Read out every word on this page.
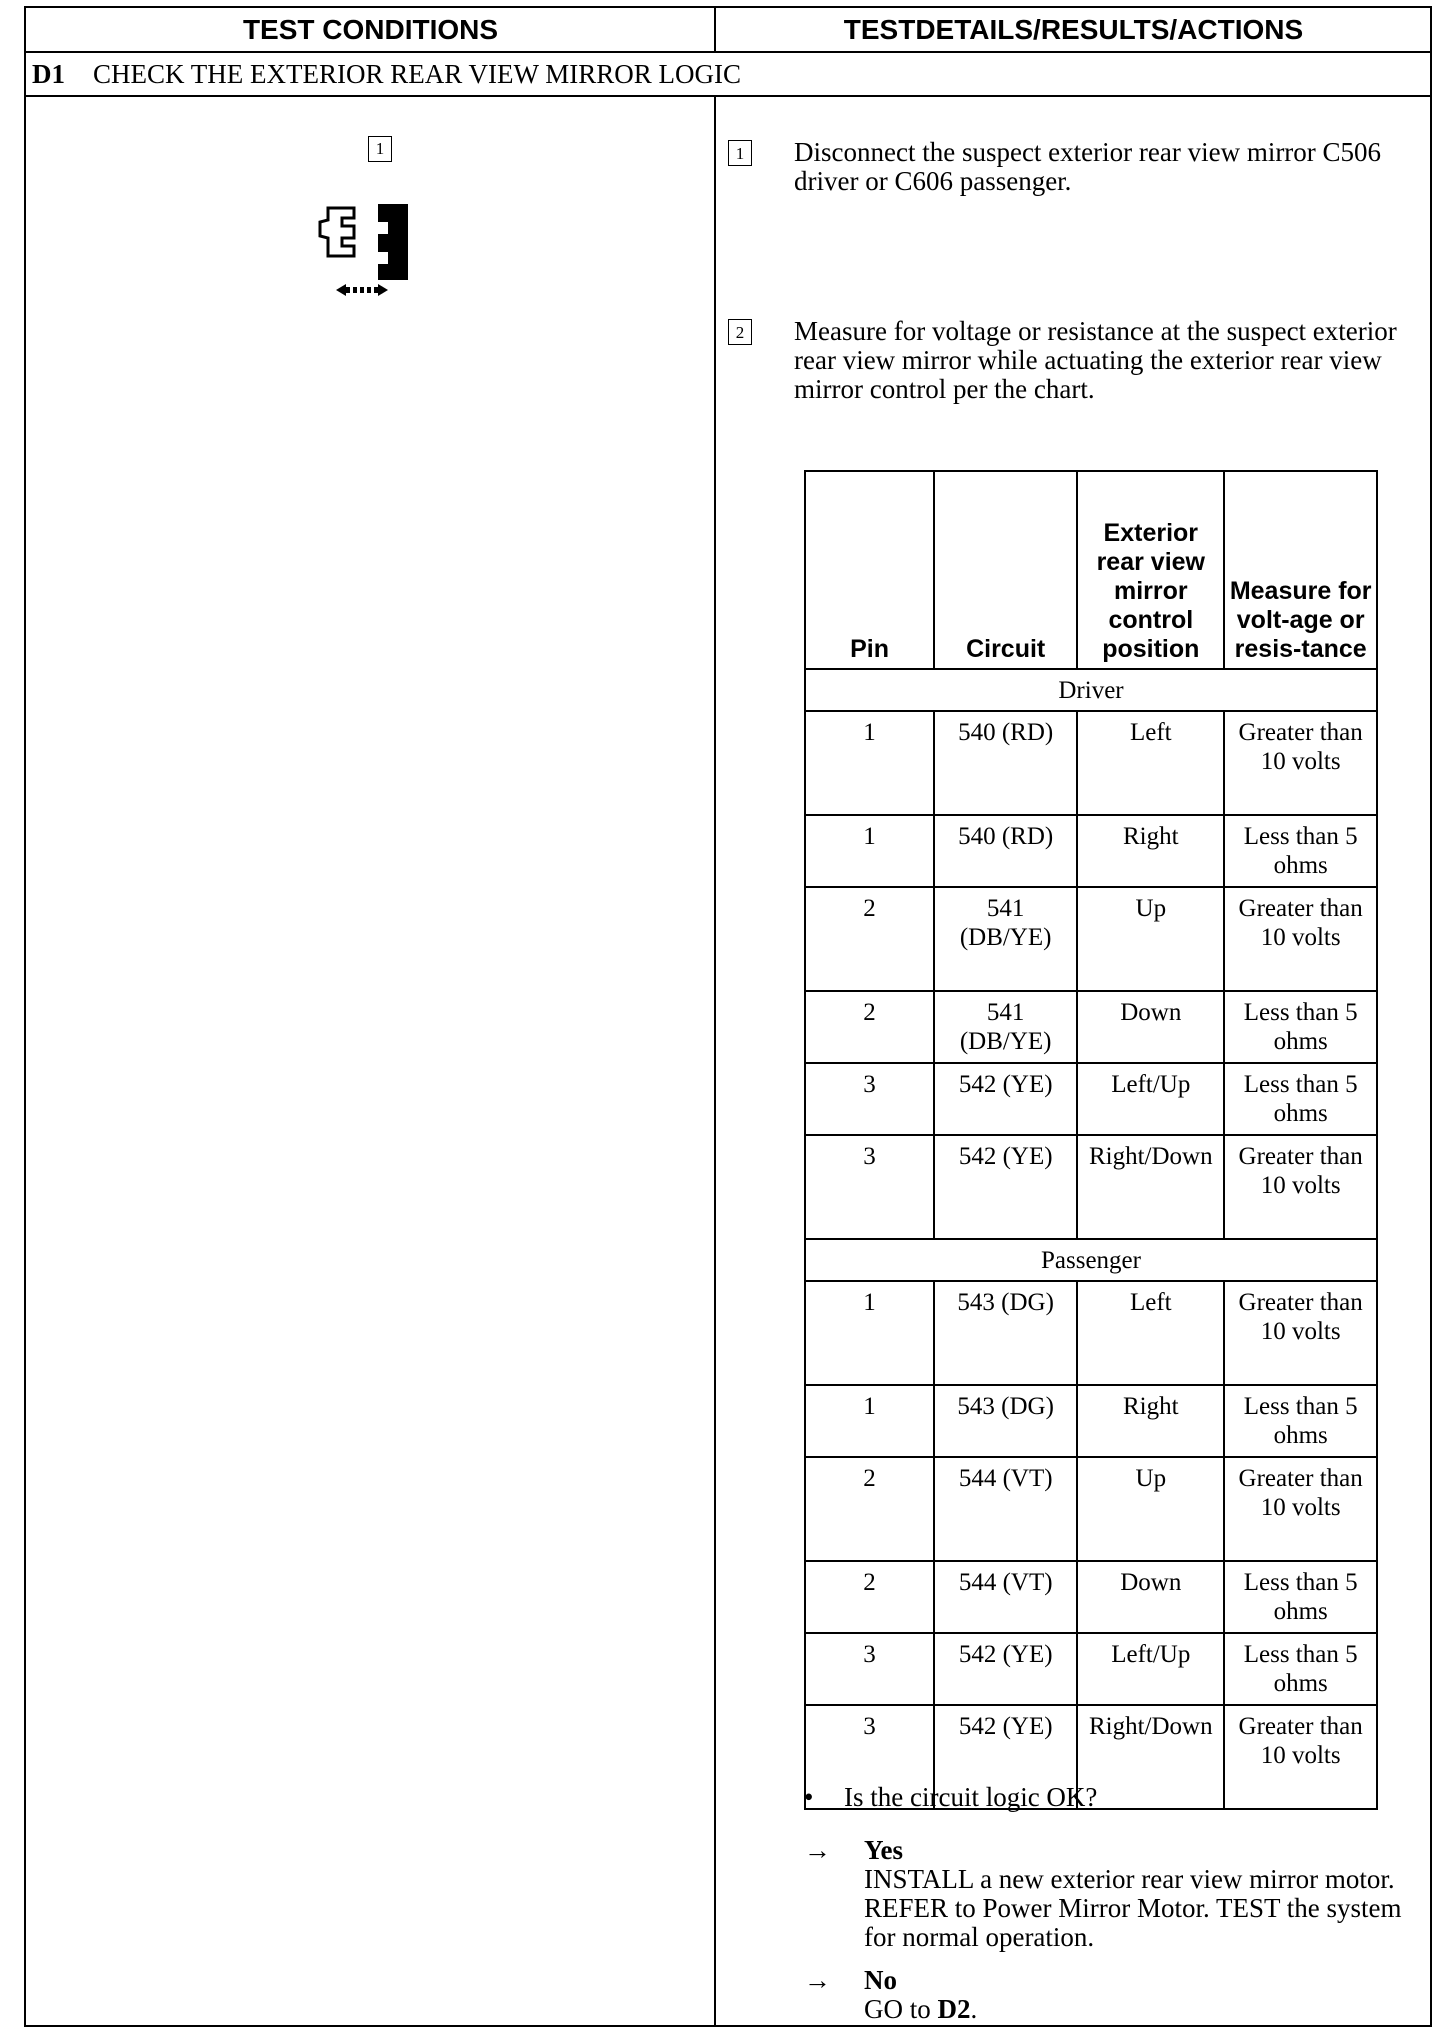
TEST CONDITIONS	TESTDETAILS/RESULTS/ACTIONS
D1 CHECK THE EXTERIOR REAR VIEW MIRROR LOGIC
1	1 Disconnect the suspect exterior rear view mirror C506 driver or C606 passenger.
2 Measure for voltage or resistance at the suspect exterior rear view mirror while actuating the exterior rear view mirror control per the chart.
Pin	Circuit	Exterior rear view mirror control position	Measure for volt-age or resis-tance
Driver			
1	540 (RD)	Left	Greater than 10 volts
1	540 (RD)	Right	Less than 5 ohms
2	541 (DB/YE)	Up	Greater than 10 volts
2	541 (DB/YE)	Down	Less than 5 ohms
3	542 (YE)	Left/Up	Less than 5 ohms
3	542 (YE)	Right/Down	Greater than 10 volts
Passenger			
1	543 (DG)	Left	Greater than 10 volts
1	543 (DG)	Right	Less than 5 ohms
2	544 (VT)	Up	Greater than 10 volts
2	544 (VT)	Down	Less than 5 ohms
3	542 (YE)	Left/Up	Less than 5 ohms
3	542 (YE)	Right/Down	Greater than 10 volts
• Is the circuit logic OK?
→	Yes
INSTALL a new exterior rear view mirror motor. REFER to Power Mirror Motor. TEST the system for normal operation.
→	No
GO to D2.
